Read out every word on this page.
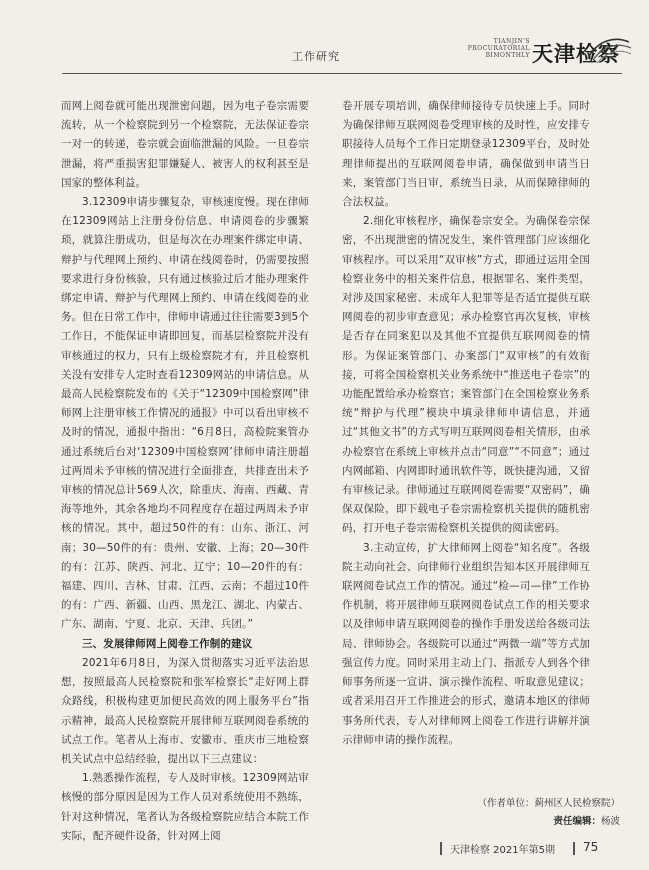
工作研究
TIANJIN'S
PROCURATORIAL
BIMONTHLY 天津检察

而网上阅卷就可能出现泄密问题，因为电子卷宗需要流转，从一个检察院到另一个检察院，无法保证卷宗一对一的转递，卷宗就会面临泄漏的风险。一旦卷宗泄漏，将严重损害犯罪嫌疑人、被害人的权利甚至是国家的整体利益。

3.12309申请步骤复杂，审核速度慢。现在律师在12309网站上注册身份信息、申请阅卷的步骤繁琐，就算注册成功，但是每次在办理案件绑定申请、辩护与代理网上预约、申请在线阅卷时，仍需要按照要求进行身份核验，只有通过核验过后才能办理案件绑定申请、辩护与代理网上预约、申请在线阅卷的业务。但在日常工作中，律师申请通过往往需要3到5个工作日，不能保证申请即回复，而基层检察院并没有审核通过的权力，只有上级检察院才有，并且检察机关没有安排专人定时查看12309网站的申请信息。从最高人民检察院发布的《关于“12309中国检察网”律师网上注册审核工作情况的通报》中可以看出审核不及时的情况，通报中指出：“6月8日，高检院案管办通过系统后台对‘12309中国检察网’律师申请注册超过两周未予审核的情况进行全面排查，共排查出未予审核的情况总计569人次，除重庆、海南、西藏、青海等地外，其余各地均不同程度存在超过两周未予审核的情况。其中，超过50件的有：山东、浙江、河南；30—50件的有：贵州、安徽、上海；20—30件的有：江苏、陕西、河北、辽宁；10—20件的有：福建、四川、吉林、甘肃、江西、云南；不超过10件的有：广西、新疆、山西、黑龙江、湖北、内蒙古、广东、湖南、宁夏、北京、天津、兵团。”

三、发展律师网上阅卷工作制的建议

2021年6月8日，为深入贯彻落实习近平法治思想，按照最高人民检察院和张军检察长“走好网上群众路线，积极构建更加便民高效的网上服务平台”指示精神，最高人民检察院开展律师互联网阅卷系统的试点工作。笔者从上海市、安徽市、重庆市三地检察机关试点中总结经验，提出以下三点建议：

1.熟悉操作流程，专人及时审核。12309网站审核慢的部分原因是因为工作人员对系统使用不熟练，针对这种情况，笔者认为各级检察院应结合本院工作实际，配齐硬件设备，针对网上阅

卷开展专项培训，确保律师接待专员快速上手。同时为确保律师互联网阅卷受理审核的及时性，应安排专职接待人员每个工作日定期登录12309平台，及时处理律师提出的互联网阅卷申请，确保做到申请当日来，案管部门当日审，系统当日录，从而保障律师的合法权益。

2.细化审核程序，确保卷宗安全。为确保卷宗保密，不出现泄密的情况发生，案件管理部门应该细化审核程序。可以采用“双审核”方式，即通过运用全国检察业务中的相关案件信息，根据罪名、案件类型，对涉及国家秘密、未成年人犯罪等是否适宜提供互联网阅卷的初步审查意见；承办检察官再次复核，审核是否存在同案犯以及其他不宜提供互联网阅卷的情形。为保证案管部门、办案部门“双审核”的有效衔接，可将全国检察机关业务系统中“推送电子卷宗”的功能配置给承办检察官；案管部门在全国检察业务系统“辩护与代理”模块中填录律师申请信息，并通过“其他文书”的方式写明互联网阅卷相关情形，由承办检察官在系统上审核并点击“同意”“不同意”；通过内网邮箱、内网即时通讯软件等，既快捷沟通，又留有审核记录。律师通过互联网阅卷需要“双密码”，确保双保险，即下载电子卷宗需检察机关提供的随机密码，打开电子卷宗需检察机关提供的阅读密码。

3.主动宣传，扩大律师网上阅卷“知名度”。各级院主动向社会、向律师行业组织告知本区开展律师互联网阅卷试点工作的情况。通过“检—司—律”工作协作机制，将开展律师互联网阅卷试点工作的相关要求以及律师申请互联网阅卷的操作手册发送给各级司法局、律师协会。各级院可以通过“两微一端”等方式加强宣传力度。同时采用主动上门、指派专人到各个律师事务所逐一宣讲、演示操作流程、听取意见建议；或者采用召开工作推进会的形式，邀请本地区的律师事务所代表，专人对律师网上阅卷工作进行讲解并演示律师申请的操作流程。

（作者单位：蓟州区人民检察院）
责任编辑：杨波
天津检察 2021年第5期 75
